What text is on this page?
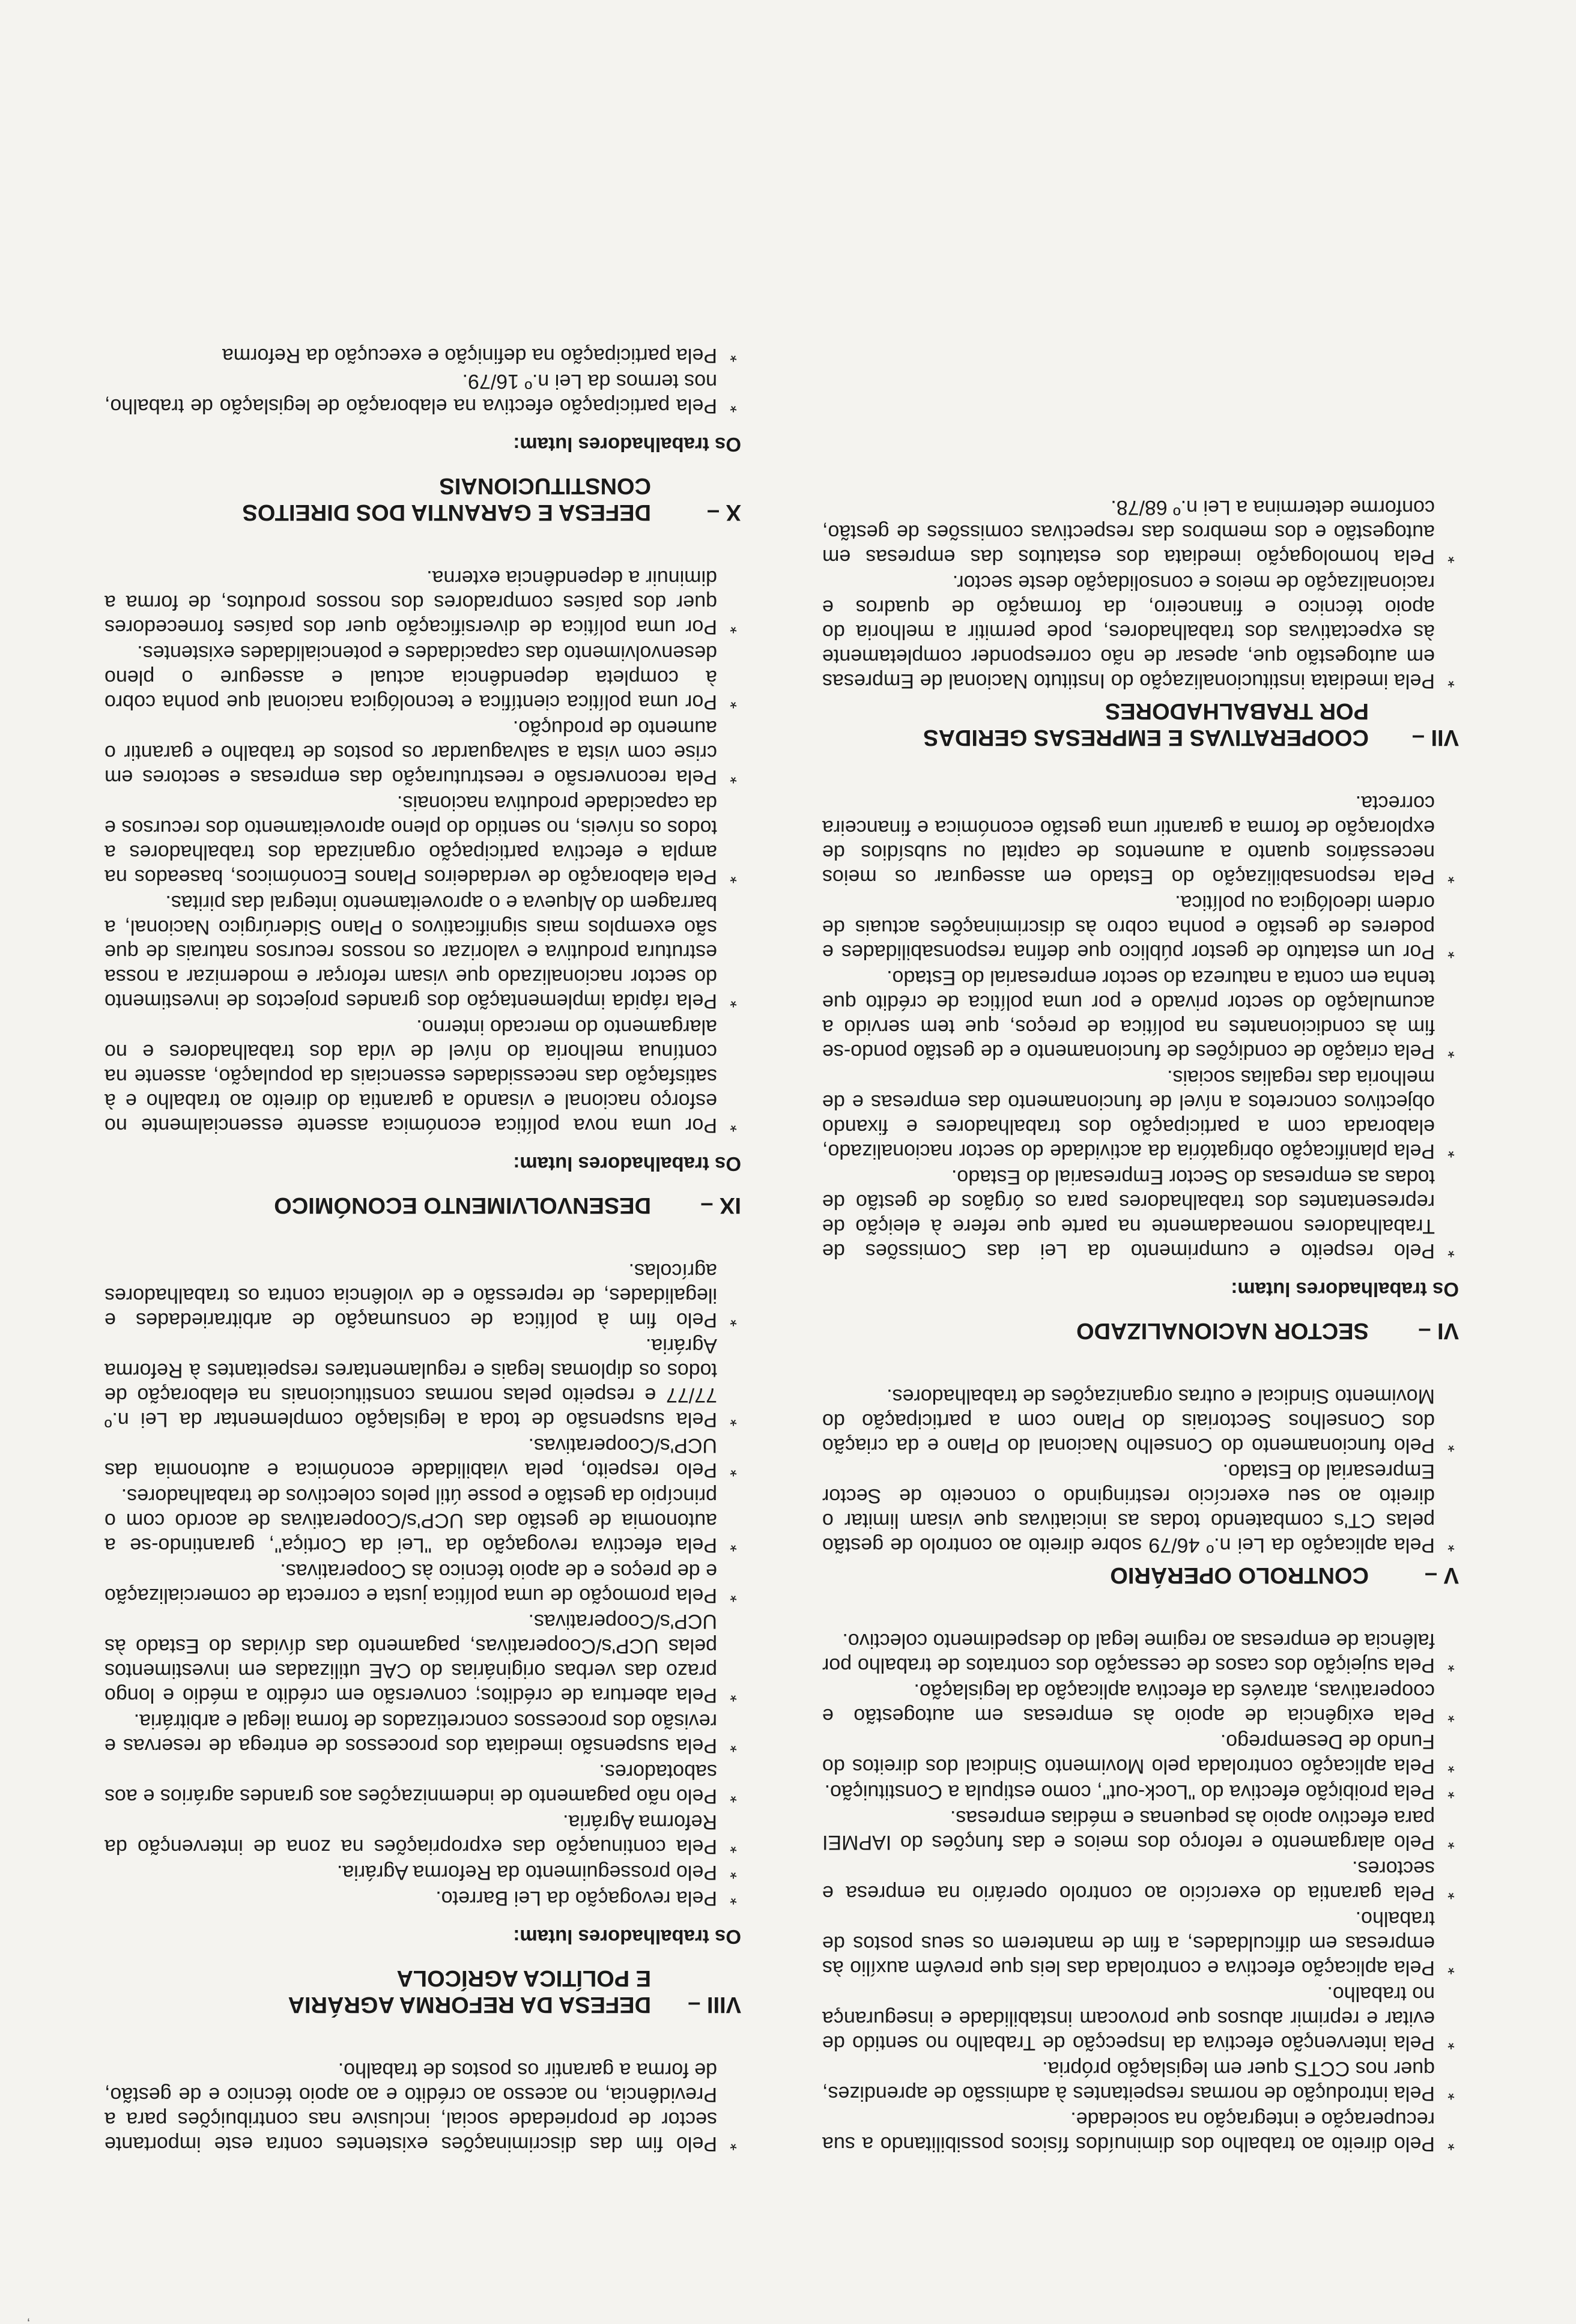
’
*
Pelo direito ao trabalho dos diminuídos físicos possibilitando a sua recuperação e integração na sociedade.
*
Pela introdução de normas respeitantes à admissão de aprendizes, quer nos CCTS quer em legislação própria.
*
Pela intervenção efectiva da Inspecção de Trabalho no sentido de evitar e reprimir abusos que provocam instabilidade e insegurança no trabalho.
*
Pela aplicação efectiva e controlada das leis que prevêm auxílio às empresas em dificuldades, a fim de manterem os seus postos de trabalho.
*
Pela garantia do exercício ao controlo operário na empresa e sectores.
*
Pelo alargamento e reforço dos meios e das funções do IAPMEI para efectivo apoio às pequenas e médias empresas.
*
Pela proibição efectiva do "Lock-out", como estipula a Constituição.
*
Pela aplicação controlada pelo Movimento Sindical dos direitos do Fundo de Desemprego.
*
Pela exigência de apoio às empresas em autogestão e cooperativas, através da efectiva aplicação da legislação.
*
Pela sujeição dos casos de cessação dos contratos de trabalho por falência de empresas ao regime legal do despedimento colectivo.
V –CONTROLO OPERÁRIO
*
Pela aplicação da Lei n.º 46/79 sobre direito ao controlo de gestão pelas CT's combatendo todas as iniciativas que visam limitar o direito ao seu exercício restringindo o conceito de Sector Empresarial do Estado.
*
Pelo funcionamento do Conselho Nacional do Plano e da criação dos Conselhos Sectoriais do Plano com a participação do Movimento Sindical e outras organizações de trabalhadores.
VI –SECTOR NACIONALIZADO
Os trabalhadores lutam:
*
Pelo respeito e cumprimento da Lei das Comissões de Trabalhadores nomeadamente na parte que refere à eleição de representantes dos trabalhadores para os órgãos de gestão de todas as empresas do Sector Empresarial do Estado.
*
Pela planificação obrigatória da actividade do sector nacionalizado, elaborada com a participação dos trabalhadores e fixando objectivos concretos a nível de funcionamento das empresas e de melhoria das regalias sociais.
*
Pela criação de condições de funcionamento e de gestão pondo-se fim às condicionantes na política de preços, que tem servido a acumulação do sector privado e por uma política de crédito que tenha em conta a natureza do sector empresarial do Estado.
*
Por um estatuto de gestor público que defina responsabilidades e poderes de gestão e ponha cobro às discriminações actuais de ordem ideológica ou política.
*
Pela responsabilização do Estado em assegurar os meios necessários quanto a aumentos de capital ou subsídios de exploração de forma a garantir uma gestão económica e financeira correcta.
VII –
COOPERATIVAS E EMPRESAS GERIDAS
POR TRABALHADORES
*
Pela imediata institucionalização do Instituto Nacional de Empresas em autogestão que, apesar de não corresponder completamente às expectativas dos trabalhadores, pode permitir a melhoria do apoio técnico e financeiro, da formação de quadros e racionalização de meios e consolidação deste sector.
*
Pela homologação imediata dos estatutos das empresas em autogestão e dos membros das respectivas comissões de gestão, conforme determina a Lei n.º 68/78.
*
Pelo fim das discriminações existentes contra este importante sector de propriedade social, inclusive nas contribuições para a Previdência, no acesso ao crédito e ao apoio técnico e de gestão, de forma a garantir os postos de trabalho.
VIII –
DEFESA DA REFORMA AGRÁRIA
E POLÍTICA AGRÍCOLA
Os trabalhadores lutam:
*
Pela revogação da Lei Barreto.
*
Pelo prosseguimento da Reforma Agrária.
*
Pela continuação das expropriações na zona de intervenção da Reforma Agrária.
*
Pelo não pagamento de indemnizações aos grandes agrários e aos sabotadores.
*
Pela suspensão imediata dos processos de entrega de reservas e revisão dos processos concretizados de forma ilegal e arbitrária.
*
Pela abertura de créditos; conversão em crédito a médio e longo prazo das verbas originárias do CAE utilizadas em investimentos pelas UCP's/Cooperativas, pagamento das dívidas do Estado às UCP's/Cooperativas.
*
Pela promoção de uma política justa e correcta de comercialização e de preços e de apoio técnico às Cooperativas.
*
Pela efectiva revogação da "Lei da Cortiça", garantindo-se a autonomia de gestão das UCP's/Cooperativas de acordo com o princípio da gestão e posse útil pelos colectivos de trabalhadores.
*
Pelo respeito, pela viabilidade económica e autonomia das UCP's/Cooperativas.
*
Pela suspensão de toda a legislação complementar da Lei n.º 77/77 e respeito pelas normas constitucionais na elaboração de todos os diplomas legais e regulamentares respeitantes à Reforma Agrária.
*
Pelo fim à política de consumação de arbitrariedades e ilegalidades, de repressão e de violência contra os trabalhadores agrícolas.
IX –DESENVOLVIMENTO ECONÓMICO
Os trabalhadores lutam:
*
Por uma nova política económica assente essencialmente no esforço nacional e visando a garantia do direito ao trabalho e à satisfação das necessidades essenciais da população, assente na contínua melhoria do nível de vida dos trabalhadores e no alargamento do mercado interno.
*
Pela rápida implementação dos grandes projectos de investimento do sector nacionalizado que visam reforçar e modernizar a nossa estrutura produtiva e valorizar os nossos recursos naturais de que são exemplos mais significativos o Plano Siderúrgico Nacional, a barragem do Alqueva e o aproveitamento integral das piritas.
*
Pela elaboração de verdadeiros Planos Económicos, baseados na ampla e efectiva participação organizada dos trabalhadores a todos os níveis, no sentido do pleno aproveitamento dos recursos e da capacidade produtiva nacionais.
*
Pela reconversão e reestruturação das empresas e sectores em crise com vista a salvaguardar os postos de trabalho e garantir o aumento de produção.
*
Por uma política científica e tecnológica nacional que ponha cobro à completa dependência actual e assegure o pleno desenvolvimento das capacidades e potencialidades existentes.
*
Por uma política de diversificação quer dos países fornecedores quer dos países compradores dos nossos produtos, de forma a diminuir a dependência externa.
X –
DEFESA E GARANTIA DOS DIREITOS
CONSTITUCIONAIS
Os trabalhadores lutam:
*
Pela participação efectiva na elaboração de legislação de trabalho, nos termos da Lei n.º 16/79.
*
Pela participação na definição e execução da Reforma
